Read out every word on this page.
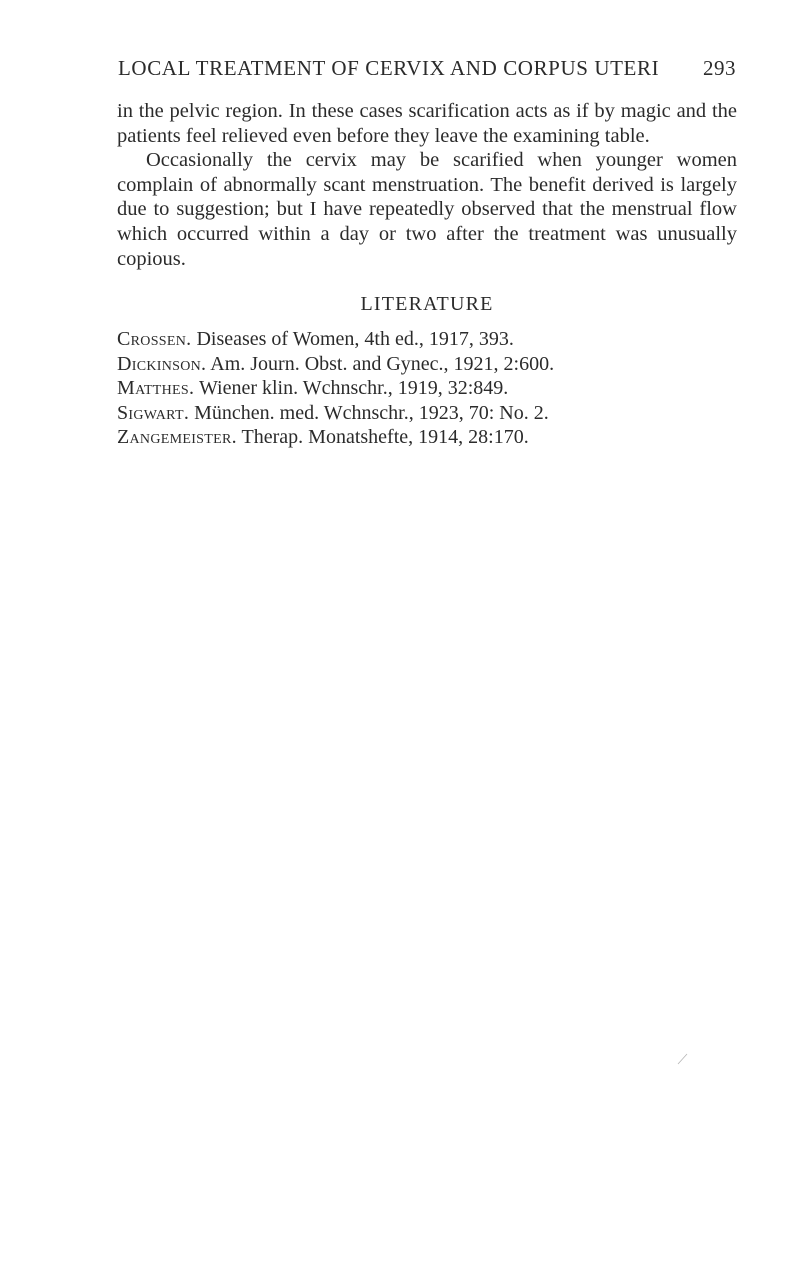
LOCAL TREATMENT OF CERVIX AND CORPUS UTERI 293

in the pelvic region. In these cases scarification acts as if by magic and the patients feel relieved even before they leave the examining table.

Occasionally the cervix may be scarified when younger women complain of abnormally scant menstruation. The benefit derived is largely due to suggestion; but I have repeatedly observed that the menstrual flow which occurred within a day or two after the treatment was unusually copious.

LITERATURE
Crossen. Diseases of Women, 4th ed., 1917, 393.
Dickinson. Am. Journ. Obst. and Gynec., 1921, 2:600.
Matthes. Wiener klin. Wchnschr., 1919, 32:849.
Sigwart. München. med. Wchnschr., 1923, 70: No. 2.
Zangemeister. Therap. Monatshefte, 1914, 28:170.
